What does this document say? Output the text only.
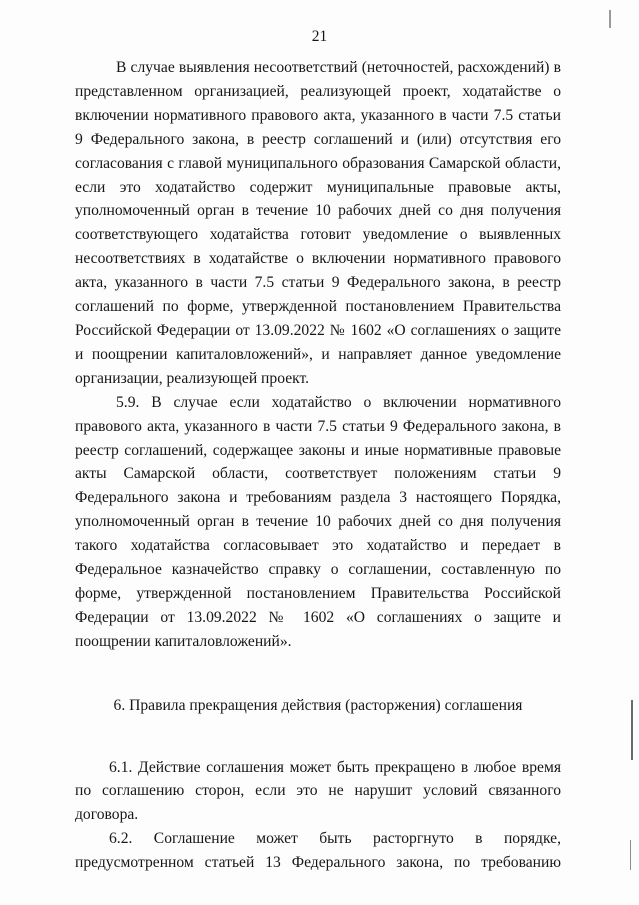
21

В случае выявления несоответствий (неточностей, расхождений) в представленном организацией, реализующей проект, ходатайстве о включении нормативного правового акта, указанного в части 7.5 статьи 9 Федерального закона, в реестр соглашений и (или) отсутствия его согласования с главой муниципального образования Самарской области, если это ходатайство содержит муниципальные правовые акты, уполномоченный орган в течение 10 рабочих дней со дня получения соответствующего ходатайства готовит уведомление о выявленных несоответствиях в ходатайстве о включении нормативного правового акта, указанного в части 7.5 статьи 9 Федерального закона, в реестр соглашений по форме, утвержденной постановлением Правительства Российской Федерации от 13.09.2022 № 1602 «О соглашениях о защите и поощрении капиталовложений», и направляет данное уведомление организации, реализующей проект.

5.9. В случае если ходатайство о включении нормативного правового акта, указанного в части 7.5 статьи 9 Федерального закона, в реестр соглашений, содержащее законы и иные нормативные правовые акты Самарской области, соответствует положениям статьи 9 Федерального закона и требованиям раздела 3 настоящего Порядка, уполномоченный орган в течение 10 рабочих дней со дня получения такого ходатайства согласовывает это ходатайство и передает в Федеральное казначейство справку о соглашении, составленную по форме, утвержденной постановлением Правительства Российской Федерации от 13.09.2022 № 1602 «О соглашениях о защите и поощрении капиталовложений».

6. Правила прекращения действия (расторжения) соглашения

6.1. Действие соглашения может быть прекращено в любое время по соглашению сторон, если это не нарушит условий связанного договора.

6.2. Соглашение может быть расторгнуто в порядке, предусмотренном статьей 13 Федерального закона, по требованию
